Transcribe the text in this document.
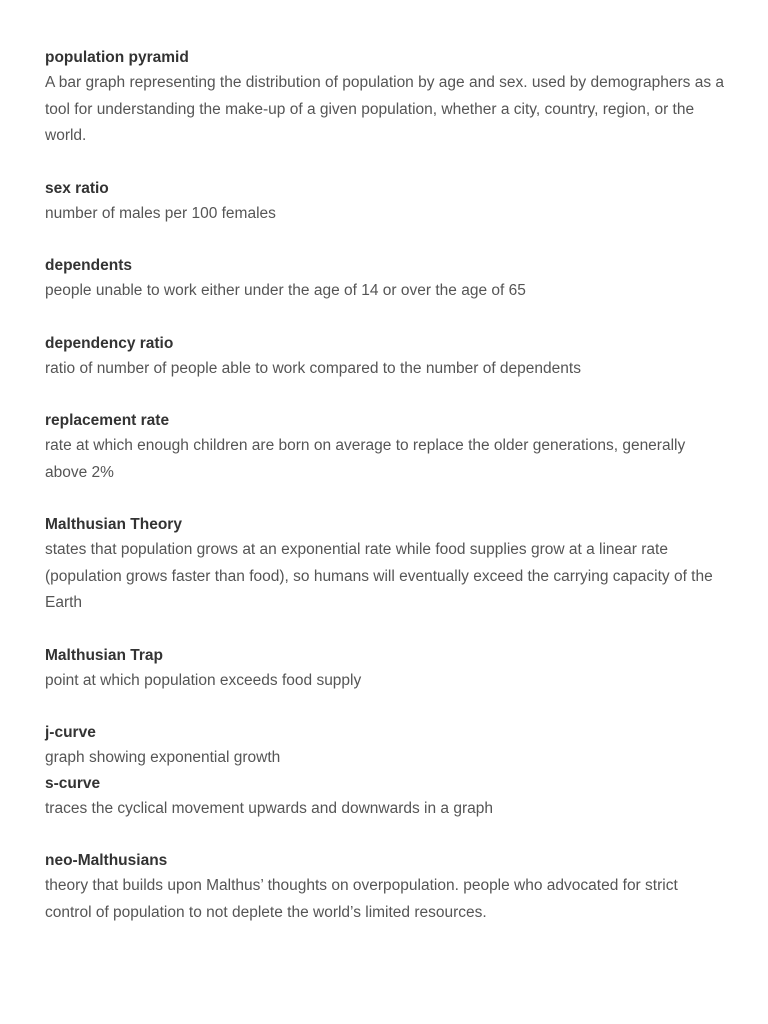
population pyramid
A bar graph representing the distribution of population by age and sex. used by demographers as a tool for understanding the make-up of a given population, whether a city, country, region, or the world.
sex ratio
number of males per 100 females
dependents
people unable to work either under the age of 14 or over the age of 65
dependency ratio
ratio of number of people able to work compared to the number of dependents
replacement rate
rate at which enough children are born on average to replace the older generations, generally above 2%
Malthusian Theory
states that population grows at an exponential rate while food supplies grow at a linear rate (population grows faster than food), so humans will eventually exceed the carrying capacity of the Earth
Malthusian Trap
point at which population exceeds food supply
j-curve
graph showing exponential growth
s-curve
traces the cyclical movement upwards and downwards in a graph
neo-Malthusians
theory that builds upon Malthus’ thoughts on overpopulation. people who advocated for strict control of population to not deplete the world’s limited resources.
